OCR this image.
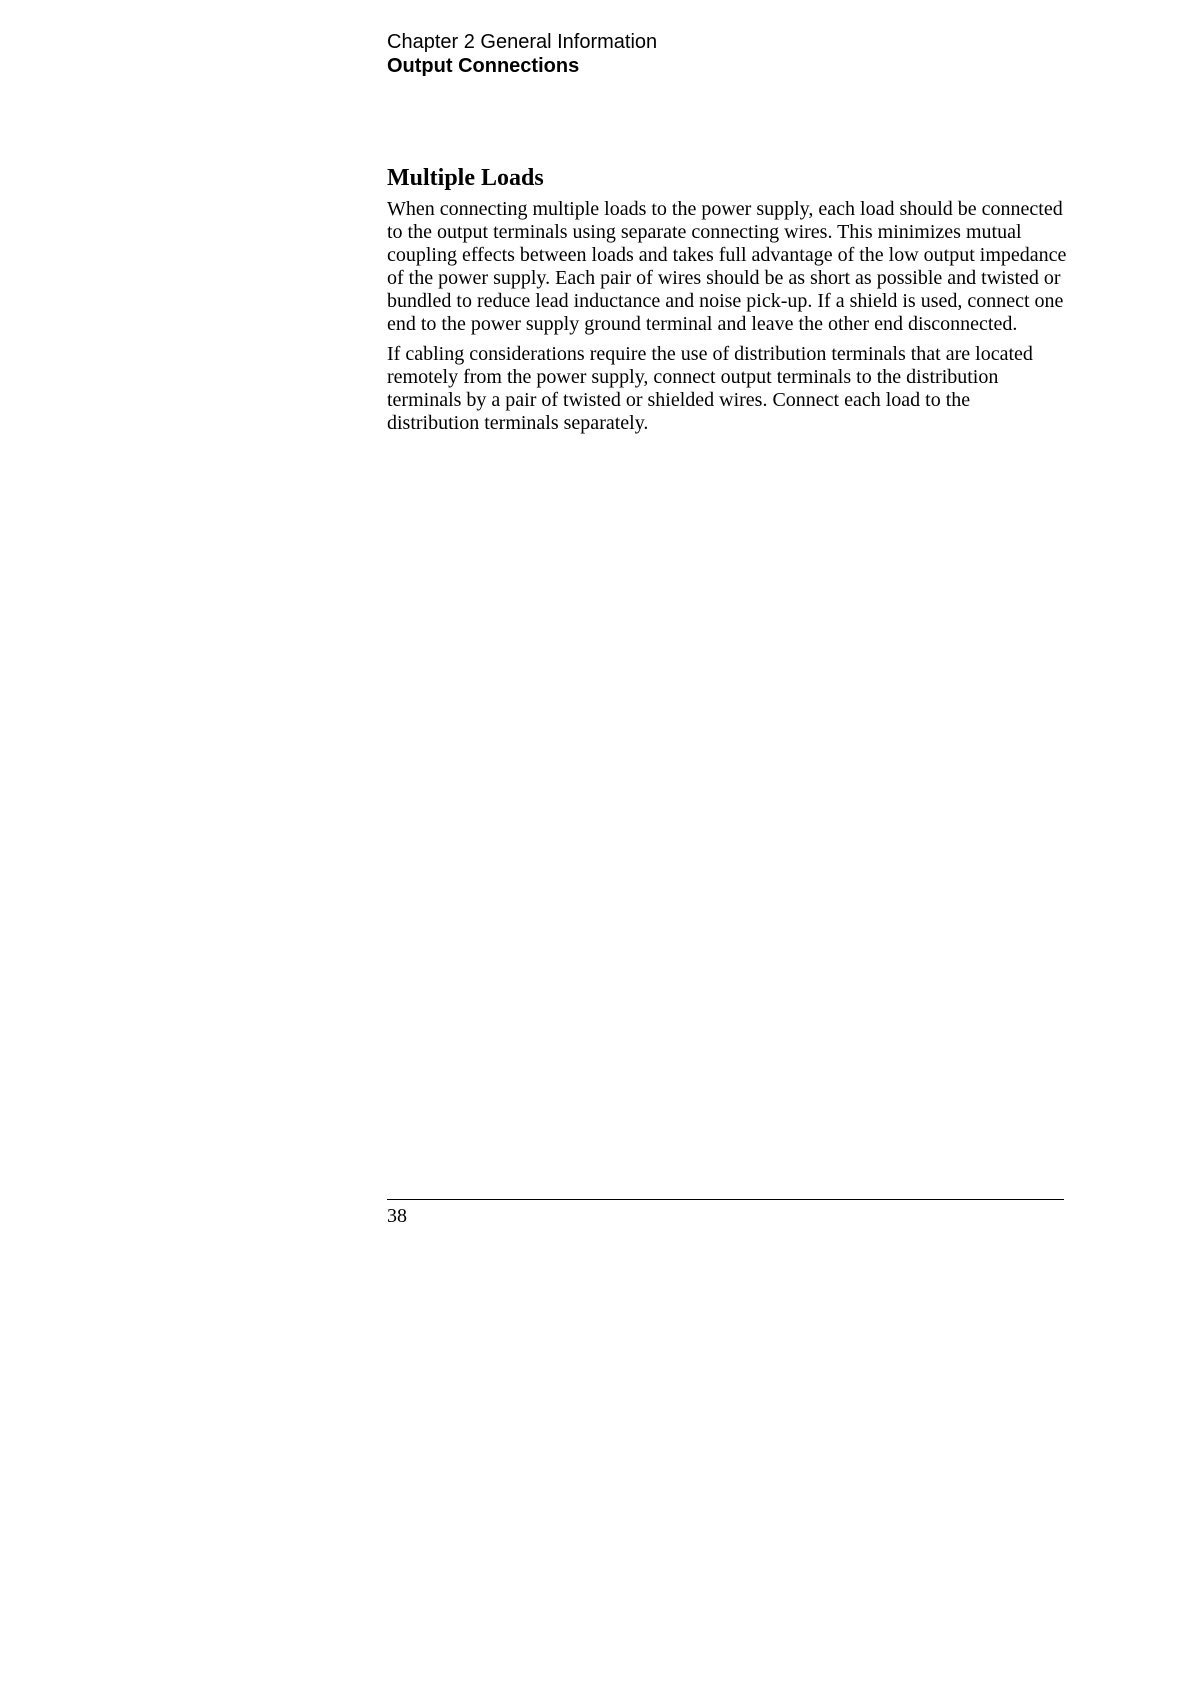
Chapter 2 General Information
Output Connections
Multiple Loads

When connecting multiple loads to the power supply, each load should be connected to the output terminals using separate connecting wires. This minimizes mutual coupling effects between loads and takes full advantage of the low output impedance of the power supply. Each pair of wires should be as short as possible and twisted or bundled to reduce lead inductance and noise pick-up. If a shield is used, connect one end to the power supply ground terminal and leave the other end disconnected.

If cabling considerations require the use of distribution terminals that are located remotely from the power supply, connect output terminals to the distribution terminals by a pair of twisted or shielded wires. Connect each load to the distribution terminals separately.

38
